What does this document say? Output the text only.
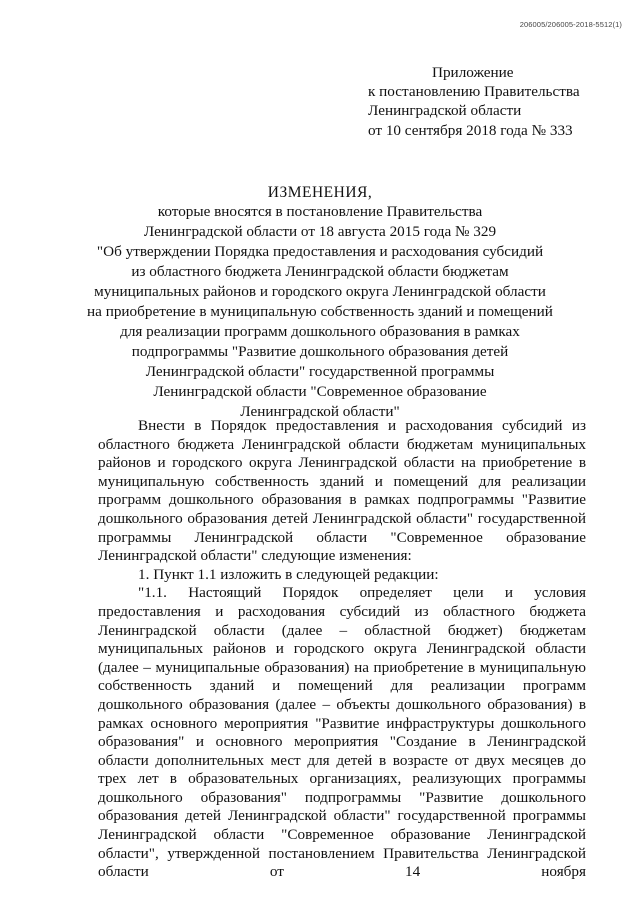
206005/206005-2018-5512(1)
Приложение
к постановлению Правительства
Ленинградской области
от 10 сентября 2018 года № 333
ИЗМЕНЕНИЯ,
которые вносятся в постановление Правительства
Ленинградской области от 18 августа 2015 года № 329
"Об утверждении Порядка предоставления и расходования субсидий
из областного бюджета Ленинградской области бюджетам
муниципальных районов и городского округа Ленинградской области
на приобретение в муниципальную собственность зданий и помещений
для реализации программ дошкольного образования в рамках
подпрограммы "Развитие дошкольного образования детей
Ленинградской области" государственной программы
Ленинградской области "Современное образование
Ленинградской области"

Внести в Порядок предоставления и расходования субсидий из областного бюджета Ленинградской области бюджетам муниципальных районов и городского округа Ленинградской области на приобретение в муниципальную собственность зданий и помещений для реализации программ дошкольного образования в рамках подпрограммы "Развитие дошкольного образования детей Ленинградской области" государственной программы Ленинградской области "Современное образование Ленинградской области" следующие изменения:

1. Пункт 1.1 изложить в следующей редакции:

"1.1. Настоящий Порядок определяет цели и условия предоставления и расходования субсидий из областного бюджета Ленинградской области (далее – областной бюджет) бюджетам муниципальных районов и городского округа Ленинградской области (далее – муниципальные образования) на приобретение в муниципальную собственность зданий и помещений для реализации программ дошкольного образования (далее – объекты дошкольного образования) в рамках основного мероприятия "Развитие инфраструктуры дошкольного образования" и основного мероприятия "Создание в Ленинградской области дополнительных мест для детей в возрасте от двух месяцев до трех лет в образовательных организациях, реализующих программы дошкольного образования" подпрограммы "Развитие дошкольного образования детей Ленинградской области" государственной программы Ленинградской области "Современное образование Ленинградской области", утвержденной постановлением Правительства Ленинградской области от 14 ноября
